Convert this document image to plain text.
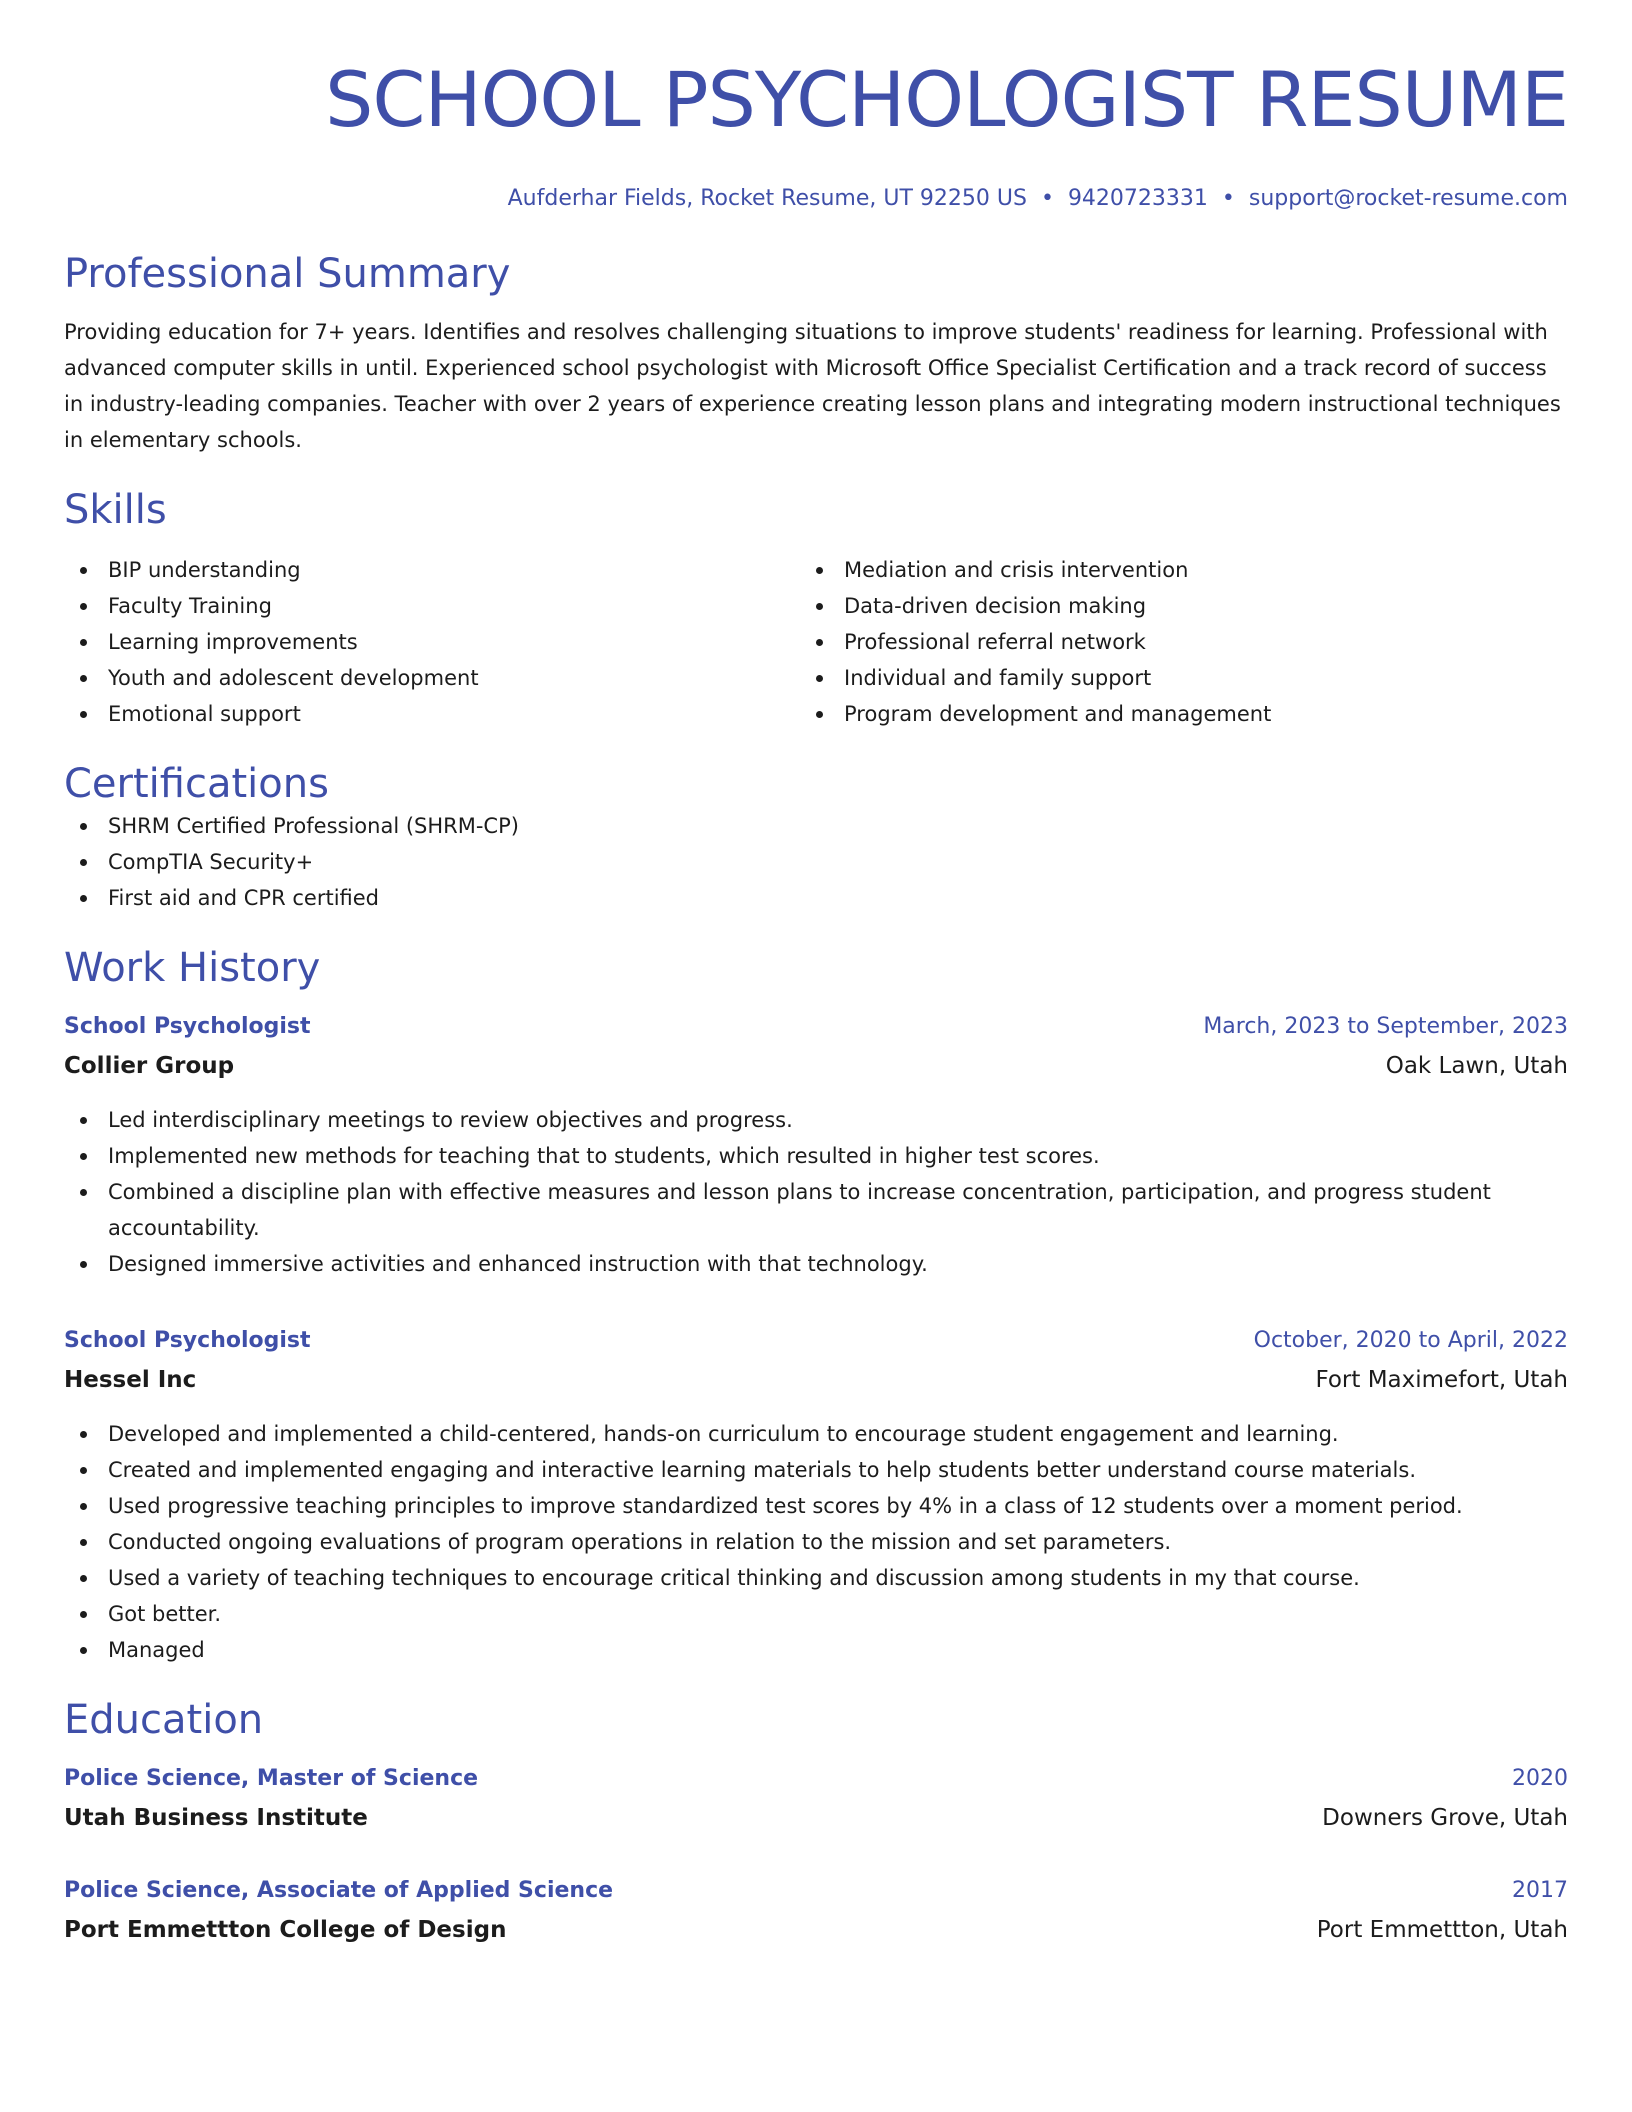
SCHOOL PSYCHOLOGIST RESUME
Aufderhar Fields, Rocket Resume, UT 92250 US • 9420723331 • support@rocket-resume.com
Professional Summary

Providing education for 7+ years. Identifies and resolves challenging situations to improve students' readiness for learning. Professional with advanced computer skills in until. Experienced school psychologist with Microsoft Office Specialist Certification and a track record of success in industry-leading companies. Teacher with over 2 years of experience creating lesson plans and integrating modern instructional techniques in elementary schools.

Skills
BIP understanding
Faculty Training
Learning improvements
Youth and adolescent development
Emotional support
Mediation and crisis intervention
Data-driven decision making
Professional referral network
Individual and family support
Program development and management
Certifications
SHRM Certified Professional (SHRM-CP)
CompTIA Security+
First aid and CPR certified
Work History
School Psychologist	March, 2023 to September, 2023
Collier Group	Oak Lawn, Utah
Led interdisciplinary meetings to review objectives and progress.
Implemented new methods for teaching that to students, which resulted in higher test scores.
Combined a discipline plan with effective measures and lesson plans to increase concentration, participation, and progress student accountability.
Designed immersive activities and enhanced instruction with that technology.
School Psychologist	October, 2020 to April, 2022
Hessel Inc	Fort Maximefort, Utah
Developed and implemented a child-centered, hands-on curriculum to encourage student engagement and learning.
Created and implemented engaging and interactive learning materials to help students better understand course materials.
Used progressive teaching principles to improve standardized test scores by 4% in a class of 12 students over a moment period.
Conducted ongoing evaluations of program operations in relation to the mission and set parameters.
Used a variety of teaching techniques to encourage critical thinking and discussion among students in my that course.
Got better.
Managed
Education
Police Science, Master of Science	2020
Utah Business Institute	Downers Grove, Utah
Police Science, Associate of Applied Science	2017
Port Emmettton College of Design	Port Emmettton, Utah
